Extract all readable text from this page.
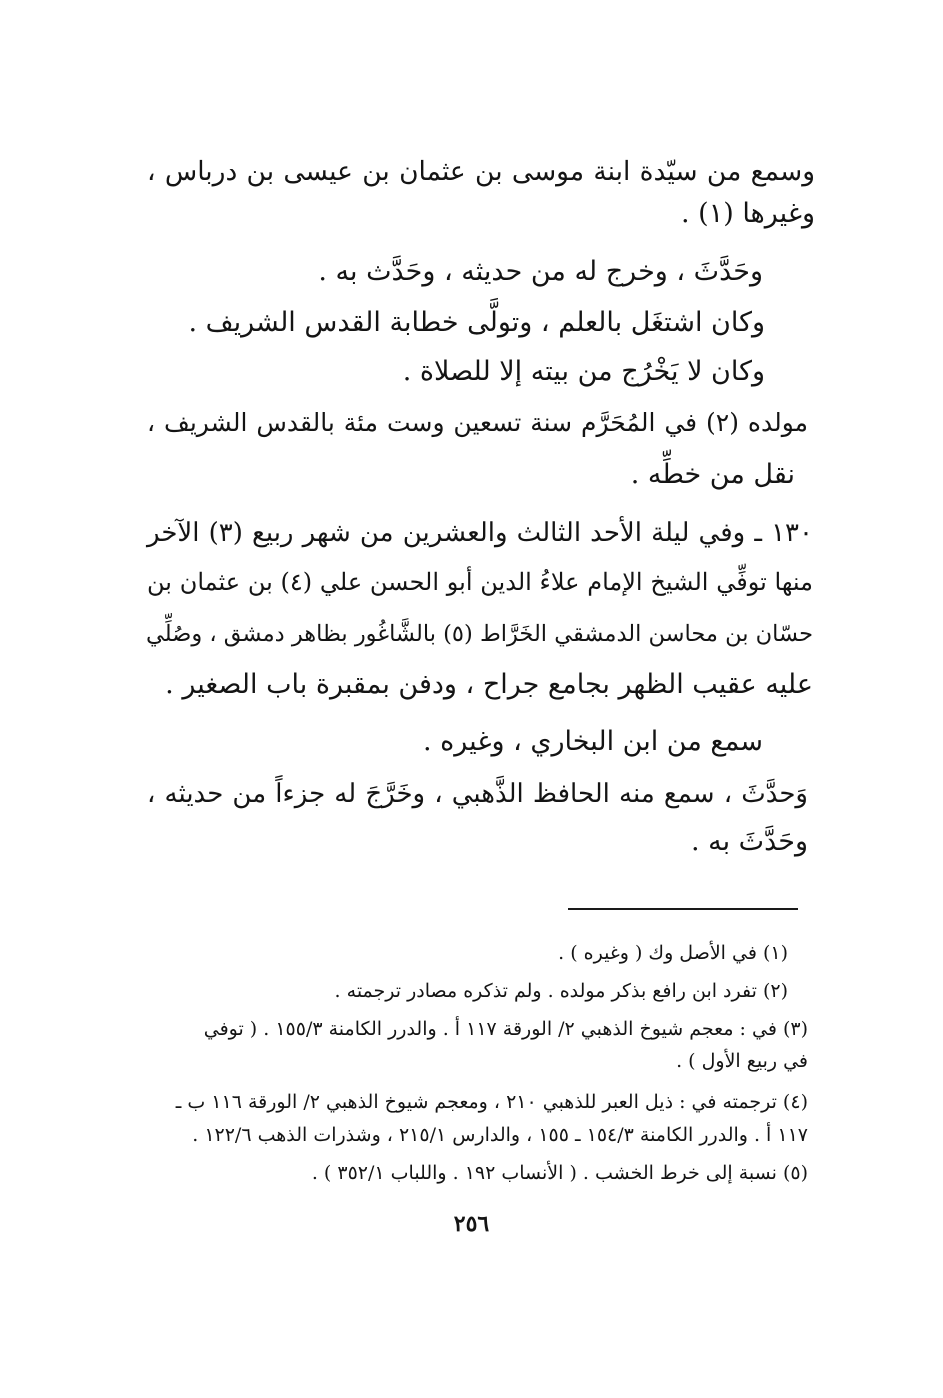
وسمع من سيّدة ابنة موسى بن عثمان بن عيسى بن درباس ،
وغيرها (١) .
وحَدَّثَ ، وخرج له من حديثه ، وحَدَّث به .
وكان اشتغَل بالعلم ، وتولَّى خطابة القدس الشريف .
وكان لا يَخْرُج من بيته إلا للصلاة .
مولده (٢) في المُحَرَّم سنة تسعين وست مئة بالقدس الشريف ،
نقل من خطِّه .
١٣٠ ـ وفي ليلة الأحد الثالث والعشرين من شهر ربيع (٣) الآخر
منها توفِّي الشيخ الإمام علاءُ الدين أبو الحسن علي (٤) بن عثمان بن
حسّان بن محاسن الدمشقي الخَرَّاط (٥) بالشَّاغُور بظاهر دمشق ، وصُلِّي
عليه عقيب الظهر بجامع جراح ، ودفن بمقبرة باب الصغير .
سمع من ابن البخاري ، وغيره .
وَحدَّثَ ، سمع منه الحافظ الذَّهبي ، وخَرَّجَ له جزءاً من حديثه ،
وحَدَّثَ به .
(١) في الأصل وك ( وغيره ) .
(٢) تفرد ابن رافع بذكر مولده . ولم تذكره مصادر ترجمته .
(٣) في : معجم شيوخ الذهبي ٢/ الورقة ١١٧ أ . والدرر الكامنة ١٥٥/٣ . ( توفي
في ربيع الأول ) .
(٤) ترجمته في : ذيل العبر للذهبي ٢١٠ ، ومعجم شيوخ الذهبي ٢/ الورقة ١١٦ ب ـ
١١٧ أ . والدرر الكامنة ١٥٤/٣ ـ ١٥٥ ، والدارس ٢١٥/١ ، وشذرات الذهب ١٢٢/٦ .
(٥) نسبة إلى خرط الخشب . ( الأنساب ١٩٢ . واللباب ٣٥٢/١ ) .
٢٥٦
